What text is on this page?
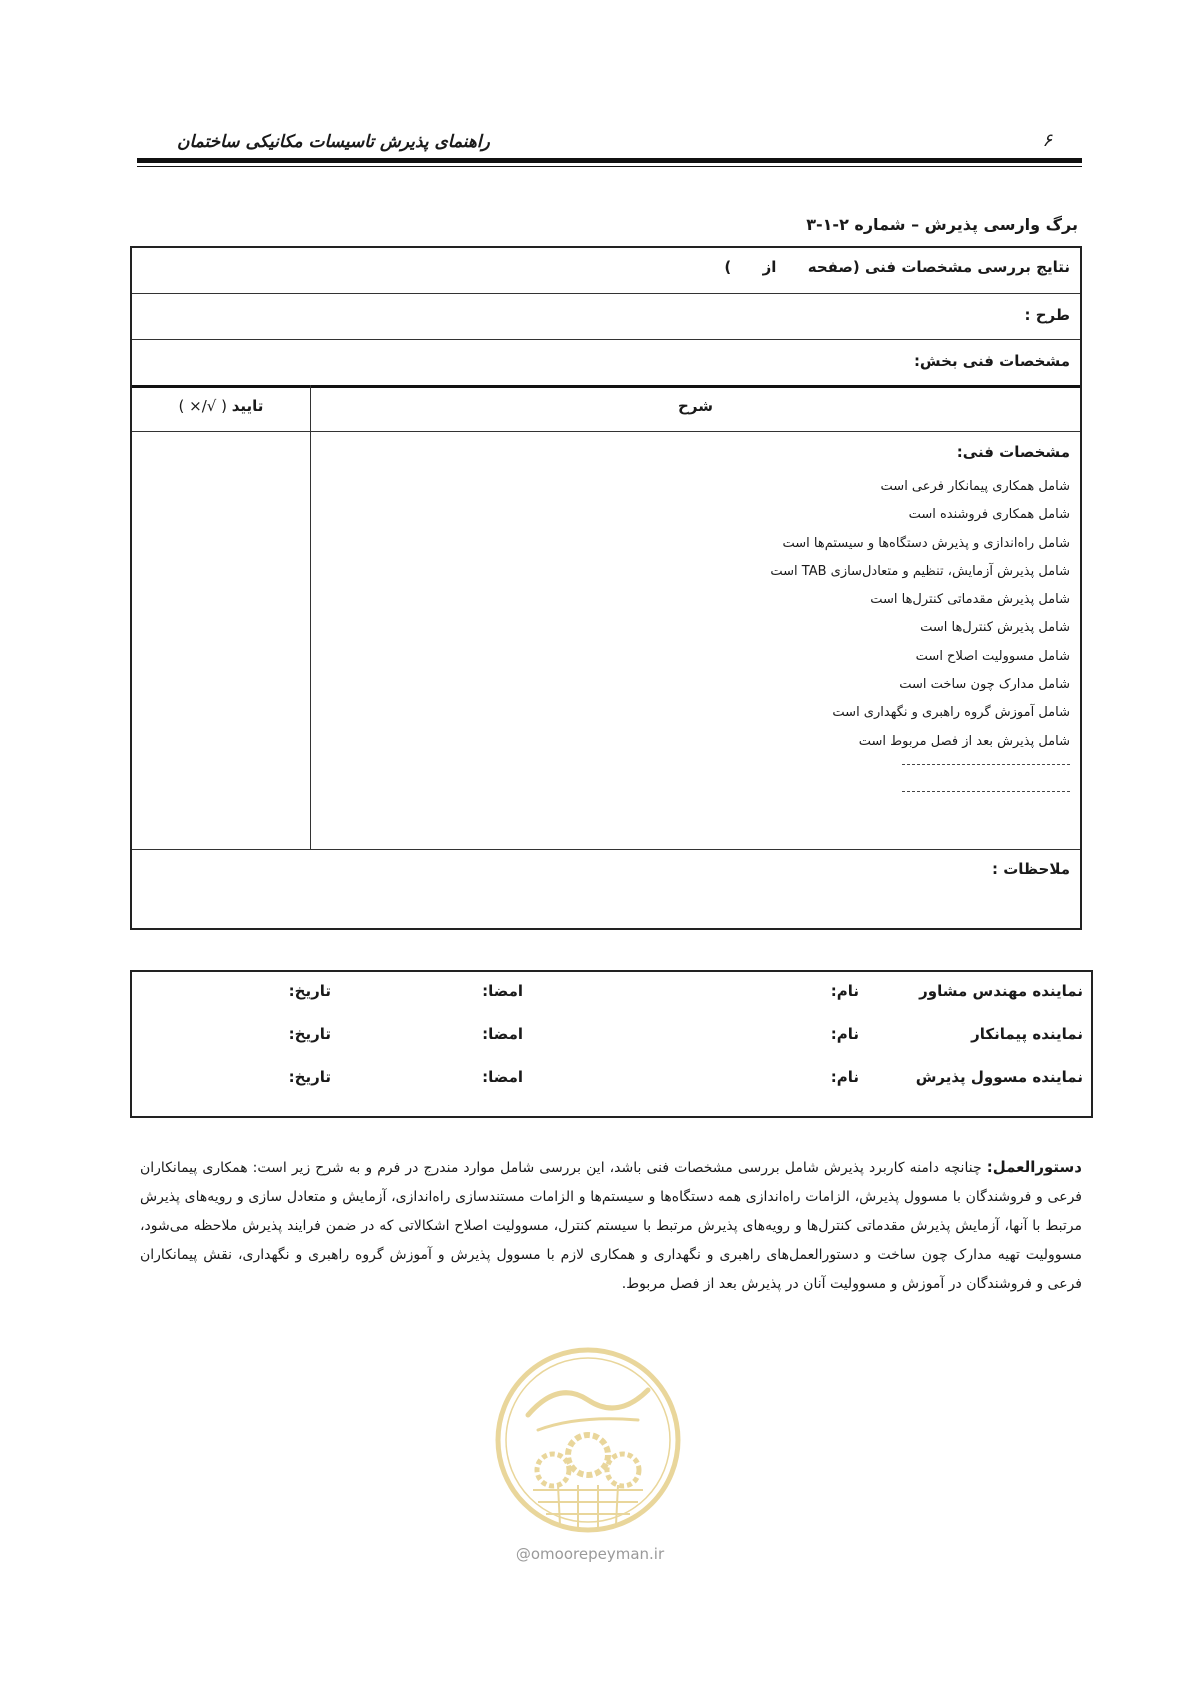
راهنمای پذیرش تاسیسات مکانیکی ساختمان	۶
برگ وارسی پذیرش – شماره ۲-۱-۳
نتایج بررسی مشخصات فنی (صفحه      از      )
طرح :
مشخصات فنی بخش:
شرح
تایید ( √/× )
مشخصات فنی:
شامل همکاری پیمانکار فرعی است
شامل همکاری فروشنده است
شامل راه‌اندازی و پذیرش دستگاه‌ها و سیستم‌ها است
شامل پذیرش آزمایش، تنظیم و متعادل‌سازی TAB است
شامل پذیرش مقدماتی کنترل‌ها است
شامل پذیرش کنترل‌ها است
شامل مسوولیت اصلاح است
شامل مدارک چون ساخت است
شامل آموزش گروه راهبری و نگهداری است
شامل پذیرش بعد از فصل مربوط است
ملاحظات :
نماینده مهندس مشاور
نام:
امضا:
تاریخ:
نماینده پیمانکار
نام:
امضا:
تاریخ:
نماینده مسوول پذیرش
نام:
امضا:
تاریخ:
دستورالعمل: چنانچه دامنه کاربرد پذیرش شامل بررسی مشخصات فنی باشد، این بررسی شامل موارد مندرج در فرم و به شرح زیر است: همکاری پیمانکاران فرعی و فروشندگان با مسوول پذیرش، الزامات راه‌اندازی همه دستگاه‌ها و سیستم‌ها و الزامات مستندسازی راه‌اندازی، آزمایش و متعادل سازی و رویه‌های پذیرش مرتبط با آنها، آزمایش پذیرش مقدماتی کنترل‌ها و رویه‌های پذیرش مرتبط با سیستم کنترل، مسوولیت اصلاح اشکالاتی که در ضمن فرایند پذیرش ملاحظه می‌شود، مسوولیت تهیه مدارک چون ساخت و دستورالعمل‌های راهبری و نگهداری و همکاری لازم با مسوول پذیرش و آموزش گروه راهبری و نگهداری، نقش پیمانکاران فرعی و فروشندگان در آموزش و مسوولیت آنان در پذیرش بعد از فصل مربوط.
@omoorepeyman.ir
